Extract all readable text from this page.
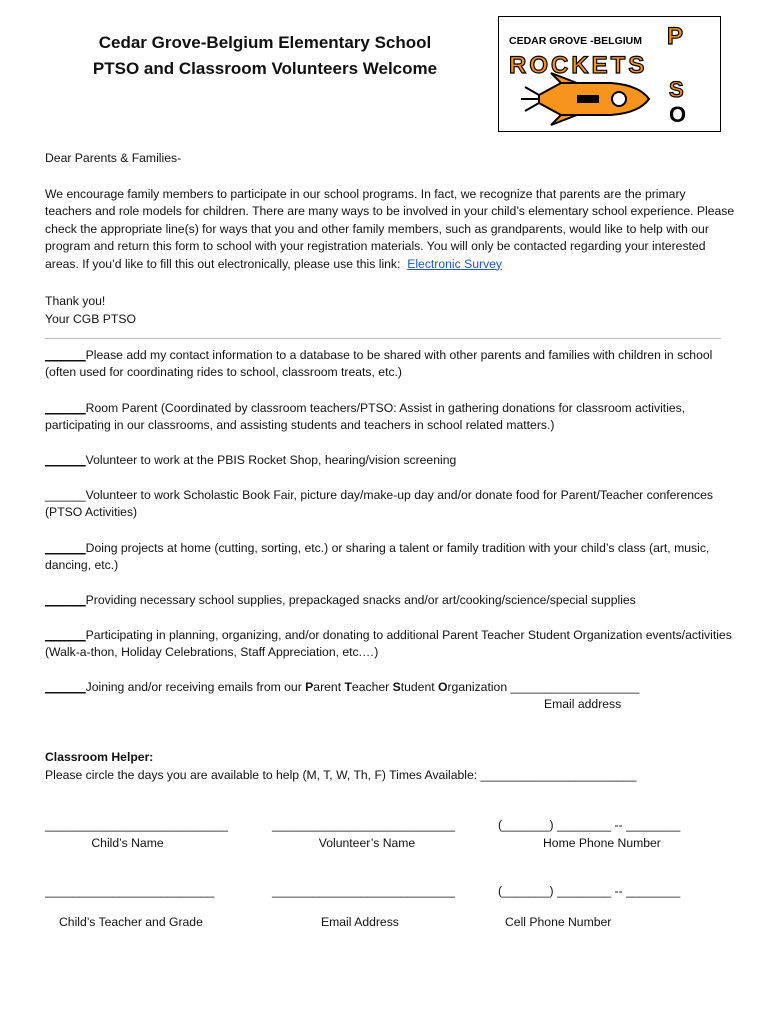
Cedar Grove-Belgium Elementary School
PTSO and Classroom Volunteers Welcome
CEDAR GROVE -BELGIUM
ROCKETS
P
S
O
Dear Parents & Families-
We encourage family members to participate in our school programs. In fact, we recognize that parents are the primary teachers and role models for children. There are many ways to be involved in your child’s elementary school experience. Please check the appropriate line(s) for ways that you and other family members, such as grandparents, would like to help with our program and return this form to school with your registration materials. You will only be contacted regarding your interested areas. If you’d like to fill this out electronically, please use this link: Electronic Survey
Thank you!
Your CGB PTSO
______Please add my contact information to a database to be shared with other parents and families with children in school (often used for coordinating rides to school, classroom treats, etc.)
______Room Parent (Coordinated by classroom teachers/PTSO: Assist in gathering donations for classroom activities, participating in our classrooms, and assisting students and teachers in school related matters.)
______Volunteer to work at the PBIS Rocket Shop, hearing/vision screening
______Volunteer to work Scholastic Book Fair, picture day/make-up day and/or donate food for Parent/Teacher conferences (PTSO Activities)
______Doing projects at home (cutting, sorting, etc.) or sharing a talent or family tradition with your child’s class (art, music, dancing, etc.)
______Providing necessary school supplies, prepackaged snacks and/or art/cooking/science/special supplies
______Participating in planning, organizing, and/or donating to additional Parent Teacher Student Organization events/activities (Walk-a-thon, Holiday Celebrations, Staff Appreciation, etc.…)
______Joining and/or receiving emails from our Parent Teacher Student Organization ___________________
Email address
Classroom Helper:
Please circle the days you are available to help (M, T, W, Th, F) Times Available: _______________________
___________________________	___________________________	(_______) ________ -- ________
Child’s Name	Volunteer’s Name	Home Phone Number
_________________________	___________________________	(_______) ________ -- ________
Child’s Teacher and Grade	Email Address	Cell Phone Number
